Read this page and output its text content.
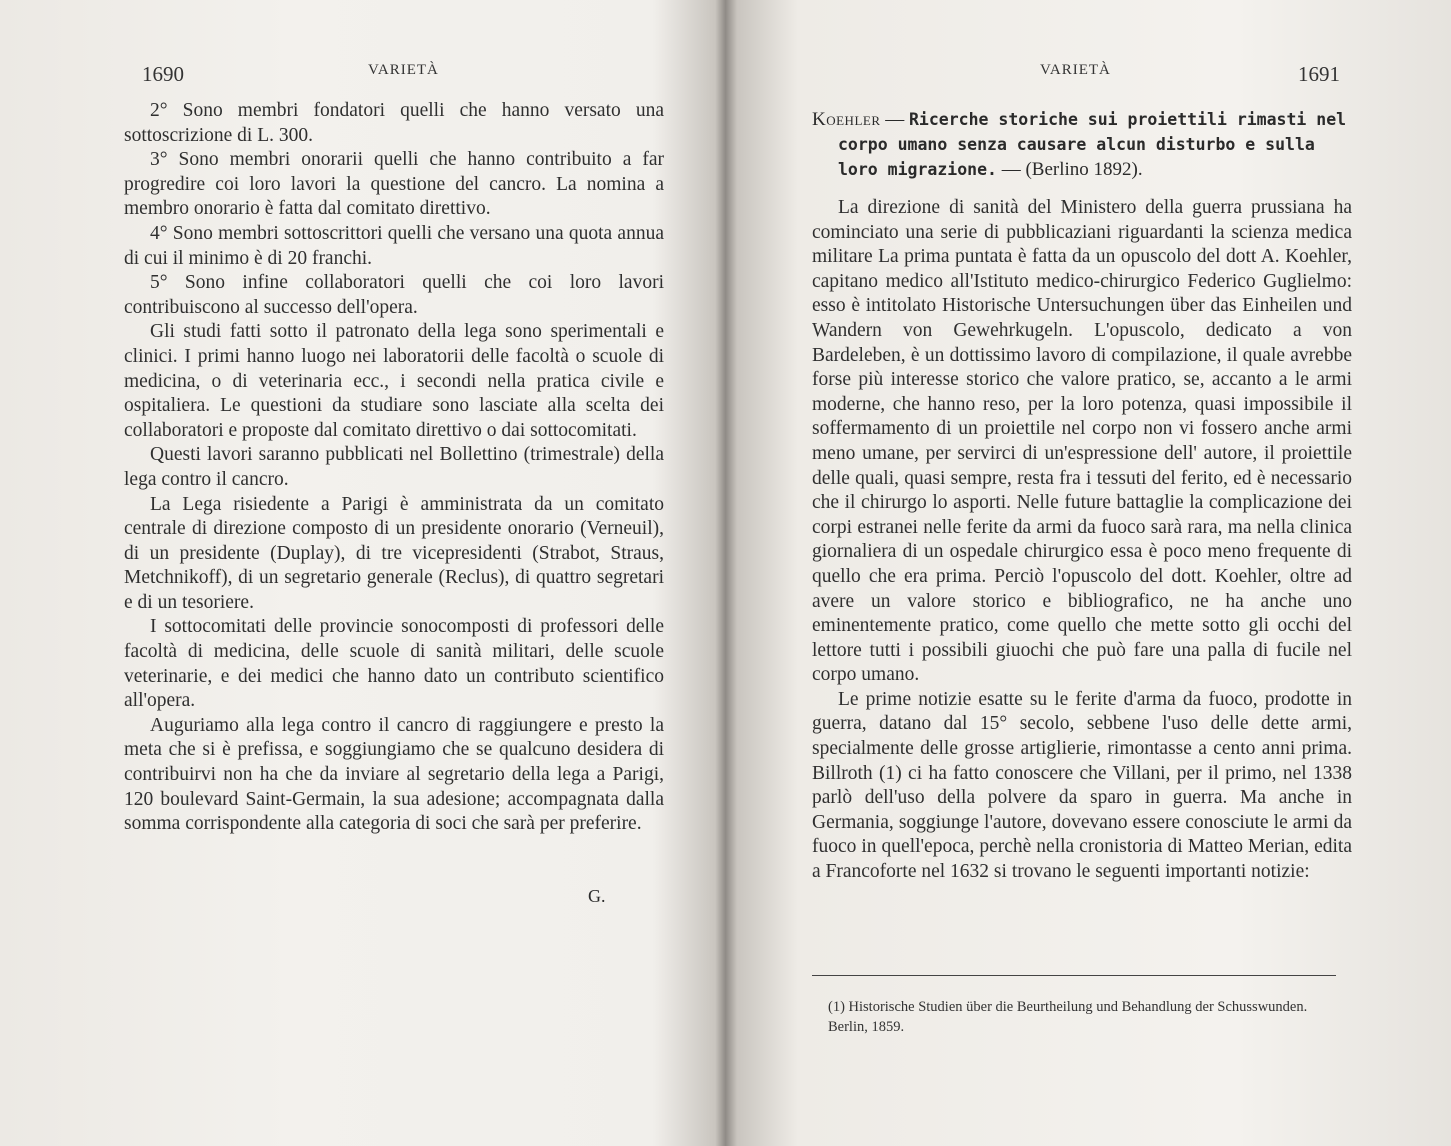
1690	VARIETÀ

2° Sono membri fondatori quelli che hanno versato una sottoscrizione di L. 300.

3° Sono membri onorarii quelli che hanno contribuito a far progredire coi loro lavori la questione del cancro. La nomina a membro onorario è fatta dal comitato direttivo.

4° Sono membri sottoscrittori quelli che versano una quota annua di cui il minimo è di 20 franchi.

5° Sono infine collaboratori quelli che coi loro lavori contribuiscono al successo dell'opera.

Gli studi fatti sotto il patronato della lega sono sperimentali e clinici. I primi hanno luogo nei laboratorii delle facoltà o scuole di medicina, o di veterinaria ecc., i secondi nella pratica civile e ospitaliera. Le questioni da studiare sono lasciate alla scelta dei collaboratori e proposte dal comitato direttivo o dai sottocomitati.

Questi lavori saranno pubblicati nel Bollettino (trimestrale) della lega contro il cancro.

La Lega risiedente a Parigi è amministrata da un comitato centrale di direzione composto di un presidente onorario (Verneuil), di un presidente (Duplay), di tre vicepresidenti (Strabot, Straus, Metchnikoff), di un segretario generale (Reclus), di quattro segretari e di un tesoriere.

I sottocomitati delle provincie sonocomposti di professori delle facoltà di medicina, delle scuole di sanità militari, delle scuole veterinarie, e dei medici che hanno dato un contributo scientifico all'opera.

Auguriamo alla lega contro il cancro di raggiungere e presto la meta che si è prefissa, e soggiungiamo che se qualcuno desidera di contribuirvi non ha che da inviare al segretario della lega a Parigi, 120 boulevard Saint-Germain, la sua adesione; accompagnata dalla somma corrispondente alla categoria di soci che sarà per preferire.

G.
VARIETÀ	1691
Koehler — Ricerche storiche sui proiettili rimasti nel
corpo umano senza causare alcun disturbo e sulla
loro migrazione. — (Berlino 1892).

La direzione di sanità del Ministero della guerra prussiana ha cominciato una serie di pubblicaziani riguardanti la scienza medica militare La prima puntata è fatta da un opuscolo del dott A. Koehler, capitano medico all'Istituto medico-chirurgico Federico Guglielmo: esso è intitolato Historische Untersuchungen über das Einheilen und Wandern von Gewehrkugeln. L'opuscolo, dedicato a von Bardeleben, è un dottissimo lavoro di compilazione, il quale avrebbe forse più interesse storico che valore pratico, se, accanto a le armi moderne, che hanno reso, per la loro potenza, quasi impossibile il soffermamento di un proiettile nel corpo non vi fossero anche armi meno umane, per servirci di un'espressione dell' autore, il proiettile delle quali, quasi sempre, resta fra i tessuti del ferito, ed è necessario che il chirurgo lo asporti. Nelle future battaglie la complicazione dei corpi estranei nelle ferite da armi da fuoco sarà rara, ma nella clinica giornaliera di un ospedale chirurgico essa è poco meno frequente di quello che era prima. Perciò l'opuscolo del dott. Koehler, oltre ad avere un valore storico e bibliografico, ne ha anche uno eminentemente pratico, come quello che mette sotto gli occhi del lettore tutti i possibili giuochi che può fare una palla di fucile nel corpo umano.

Le prime notizie esatte su le ferite d'arma da fuoco, prodotte in guerra, datano dal 15° secolo, sebbene l'uso delle dette armi, specialmente delle grosse artiglierie, rimontasse a cento anni prima. Billroth (1) ci ha fatto conoscere che Villani, per il primo, nel 1338 parlò dell'uso della polvere da sparo in guerra. Ma anche in Germania, soggiunge l'autore, dovevano essere conosciute le armi da fuoco in quell'epoca, perchè nella cronistoria di Matteo Merian, edita a Francoforte nel 1632 si trovano le seguenti importanti notizie:

(1) Historische Studien über die Beurtheilung und Behandlung der Schusswunden. Berlin, 1859.
